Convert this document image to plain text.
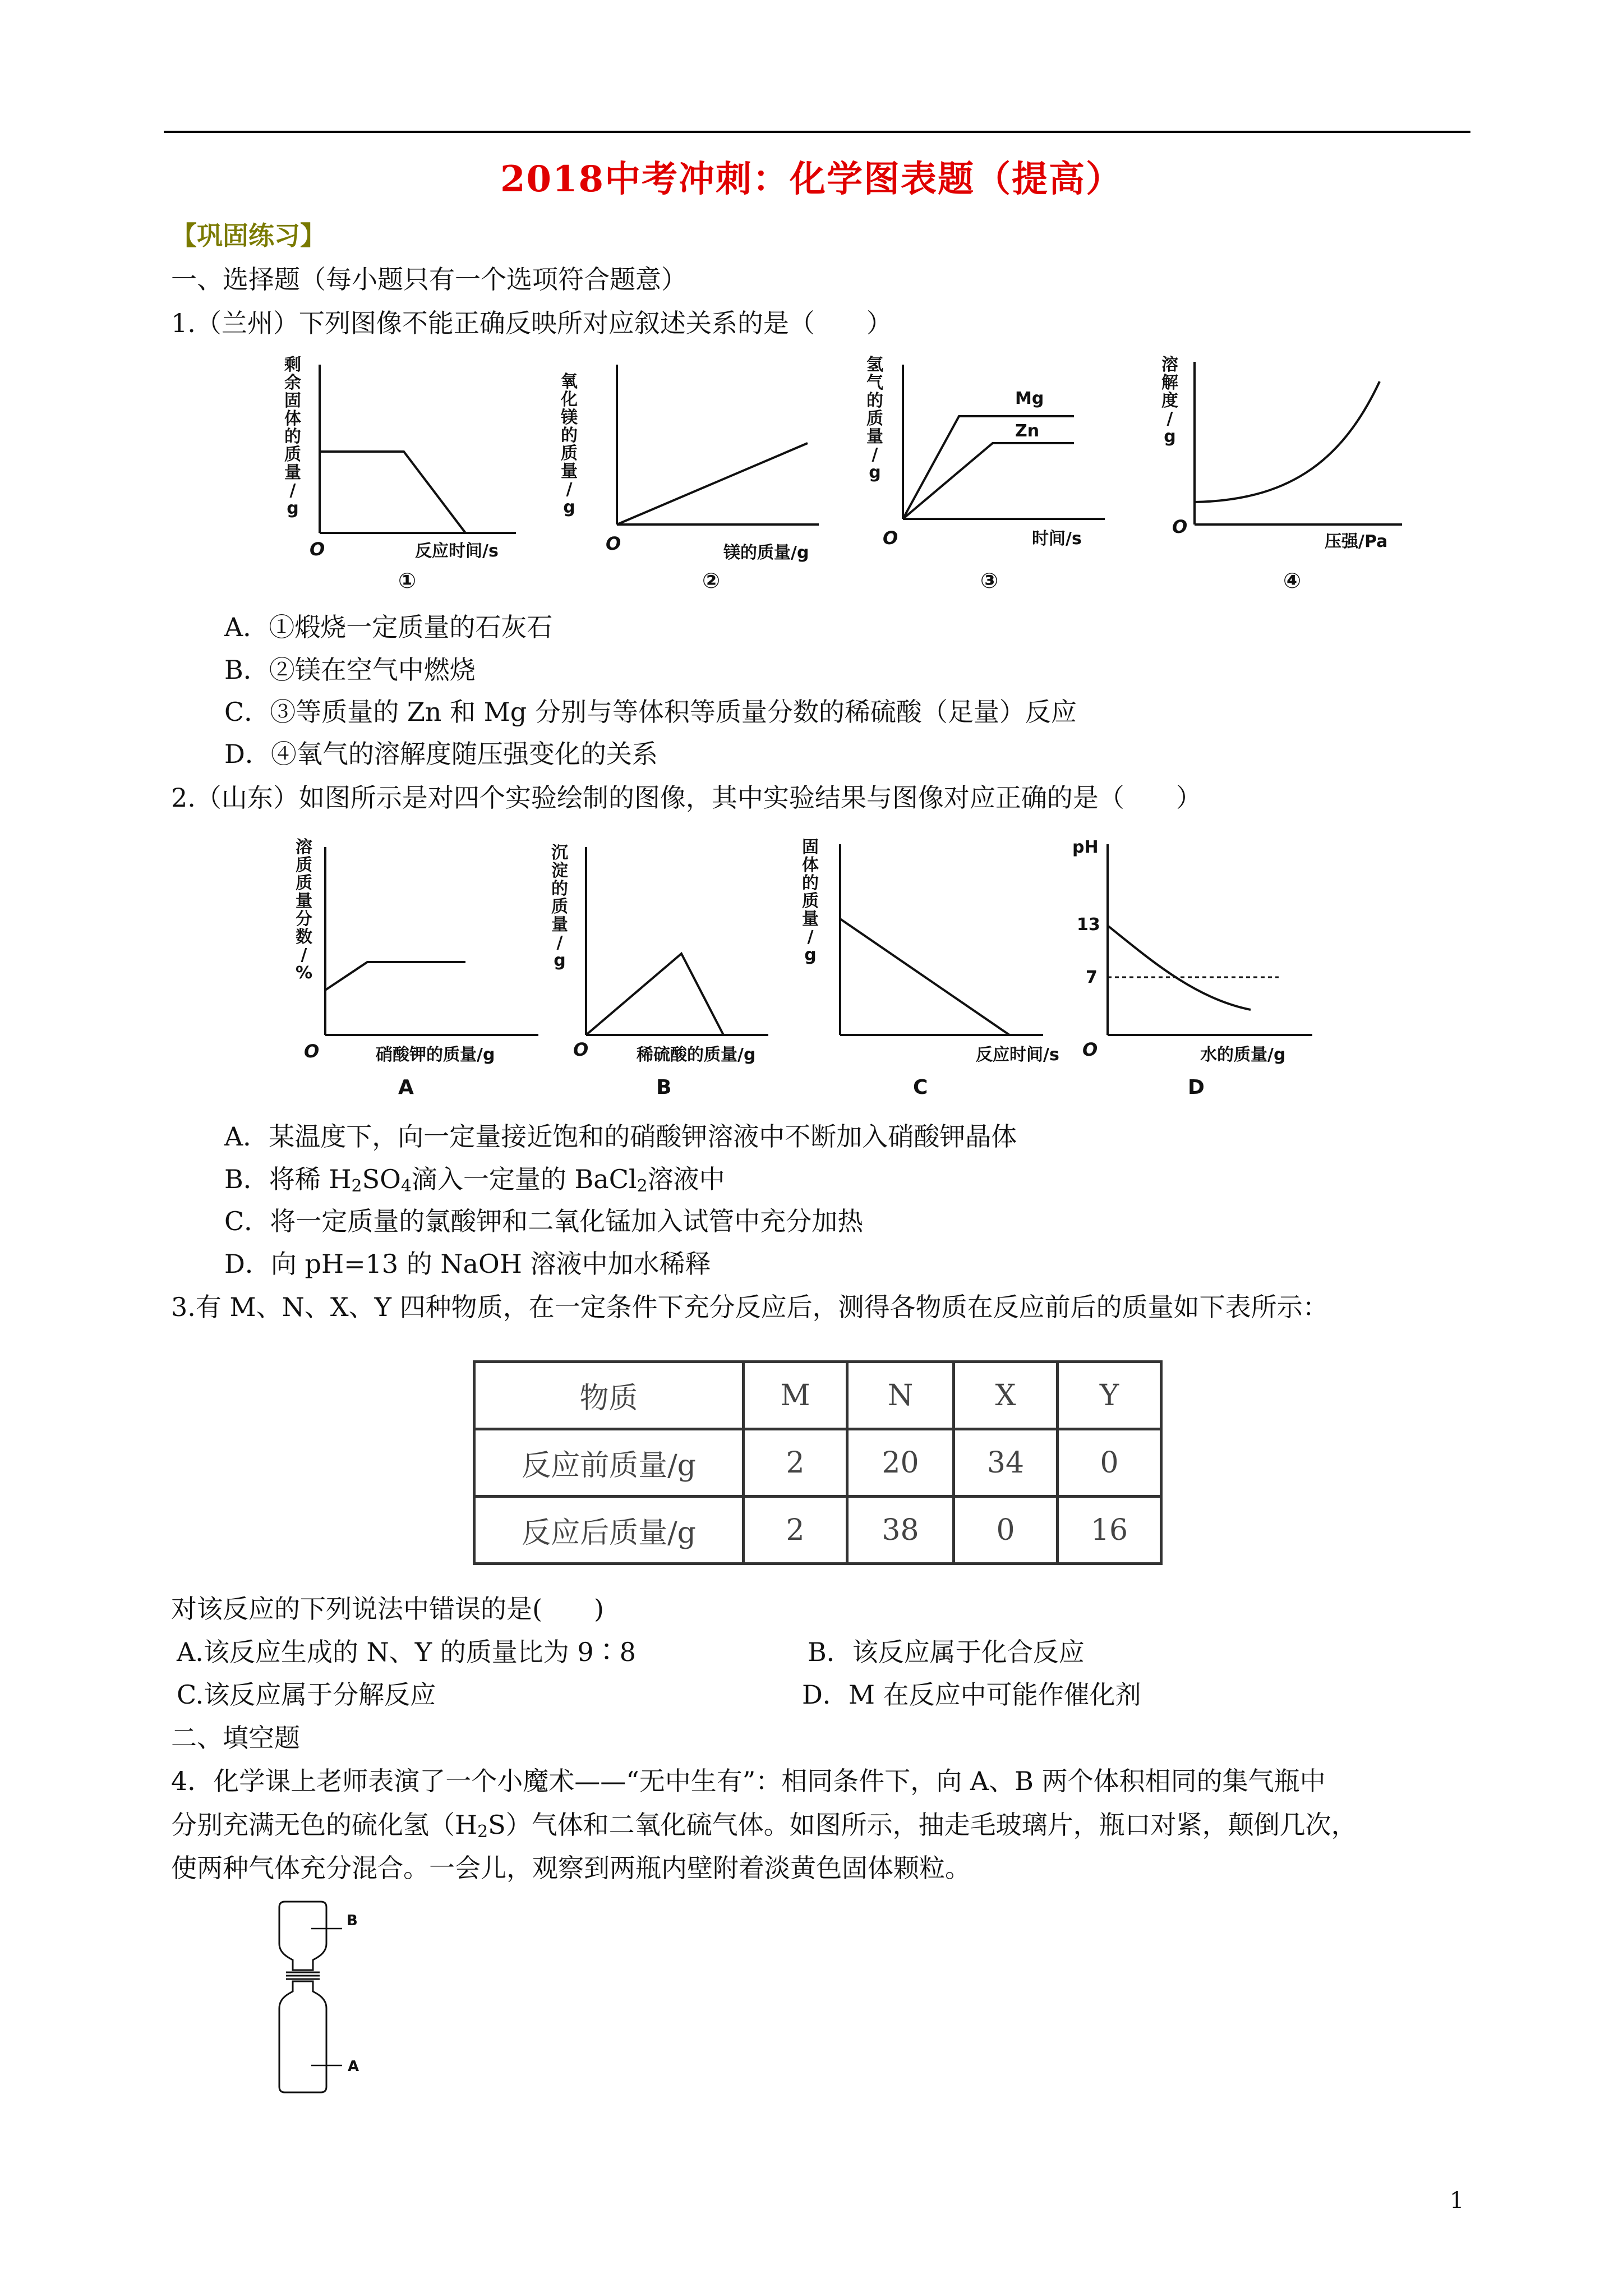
2018中考冲刺：化学图表题（提高）
【巩固练习】
一、选择题（每小题只有一个选项符合题意）
1.（兰州）下列图像不能正确反映所对应叙述关系的是（　　）
剩
余
固
体
的
质
量
/
g
O	反应时间/s
①
氧
化
镁
的
质
量
/
g
O	镁的质量/g
②
氢
气
的
质
量
/
g
Mg
Zn
O	时间/s
③
溶
解
度
/
g
O
压强/Pa
④
A．①煅烧一定质量的石灰石
B．②镁在空气中燃烧
C．③等质量的 Zn 和 Mg 分别与等体积等质量分数的稀硫酸（足量）反应
D．④氧气的溶解度随压强变化的关系
2.（山东）如图所示是对四个实验绘制的图像，其中实验结果与图像对应正确的是（　　）
溶
质
质
量
分
数
/
%
O	硝酸钾的质量/g
A
沉
淀
的
质
量
/
g
O	稀硫酸的质量/g
B
固
体
的
质
量
/
g
反应时间/s
C
pH
13
7
O	水的质量/g
D
A．某温度下，向一定量接近饱和的硝酸钾溶液中不断加入硝酸钾晶体
B．将稀 $H_2SO_4$滴入一定量的 BaCl$_2$溶液中
C．将一定质量的氯酸钾和二氧化锰加入试管中充分加热
D．向 pH=13 的 NaOH 溶液中加水稀释
3.有 M、N、X、Y 四种物质，在一定条件下充分反应后，测得各物质在反应前后的质量如下表所示：
物质	M	N	X	Y
反应前质量/g	2	20	34	0
反应后质量/g	2	38	0	16
对该反应的下列说法中错误的是(　　)
A.该反应生成的 N、Y 的质量比为 9∶8	B．该反应属于化合反应
C.该反应属于分解反应	D．M 在反应中可能作催化剂
二、填空题
4．化学课上老师表演了一个小魔术——“无中生有”：相同条件下，向 A、B 两个体积相同的集气瓶中
分别充满无色的硫化氢$(H_2S)$气体和二氧化硫气体。如图所示，抽走毛玻璃片，瓶口对紧，颠倒几次，
使两种气体充分混合。一会儿，观察到两瓶内壁附着淡黄色固体颗粒。
B
A
1
